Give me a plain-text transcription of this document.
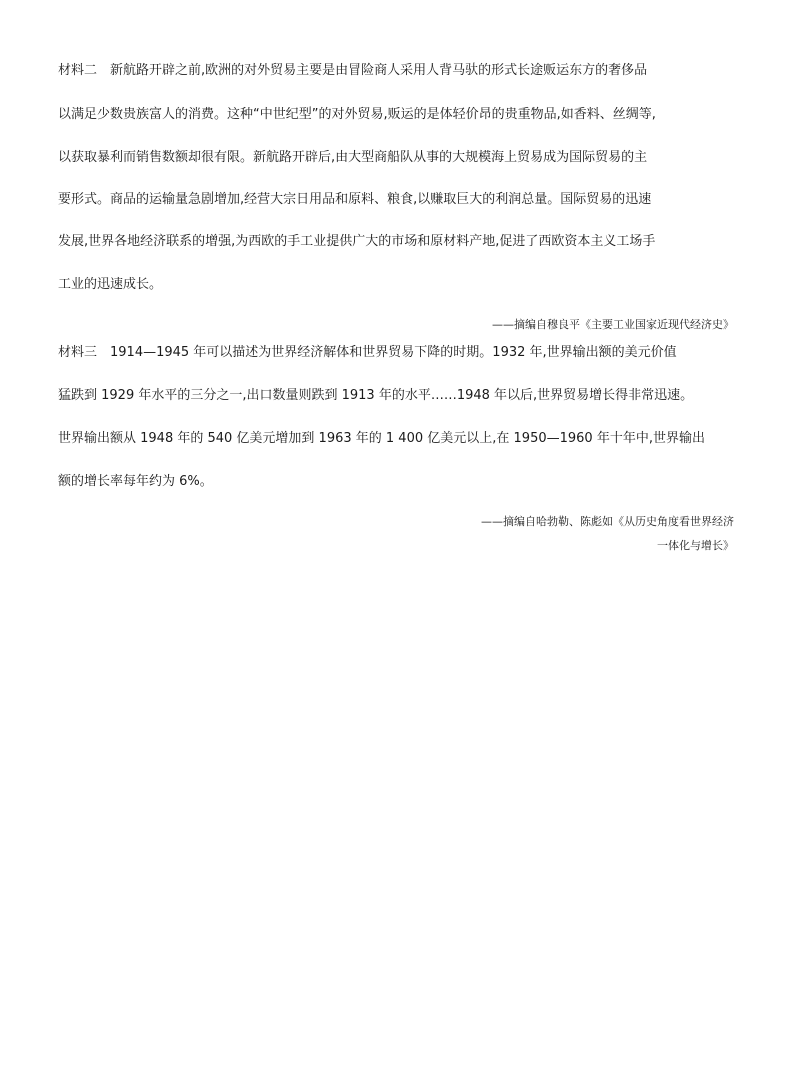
材料二　新航路开辟之前,欧洲的对外贸易主要是由冒险商人采用人背马驮的形式长途贩运东方的奢侈品
以满足少数贵族富人的消费。这种“中世纪型”的对外贸易,贩运的是体轻价昂的贵重物品,如香料、丝绸等,
以获取暴利而销售数额却很有限。新航路开辟后,由大型商船队从事的大规模海上贸易成为国际贸易的主
要形式。商品的运输量急剧增加,经营大宗日用品和原料、粮食,以赚取巨大的利润总量。国际贸易的迅速
发展,世界各地经济联系的增强,为西欧的手工业提供广大的市场和原材料产地,促进了西欧资本主义工场手
工业的迅速成长。
——摘编自穆良平《主要工业国家近现代经济史》
材料三　1914—1945 年可以描述为世界经济解体和世界贸易下降的时期。1932 年,世界输出额的美元价值
猛跌到 1929 年水平的三分之一,出口数量则跌到 1913 年的水平……1948 年以后,世界贸易增长得非常迅速。
世界输出额从 1948 年的 540 亿美元增加到 1963 年的 1 400 亿美元以上,在 1950—1960 年十年中,世界输出
额的增长率每年约为 6%。
——摘编自哈勃勒、陈彪如《从历史角度看世界经济
一体化与增长》
